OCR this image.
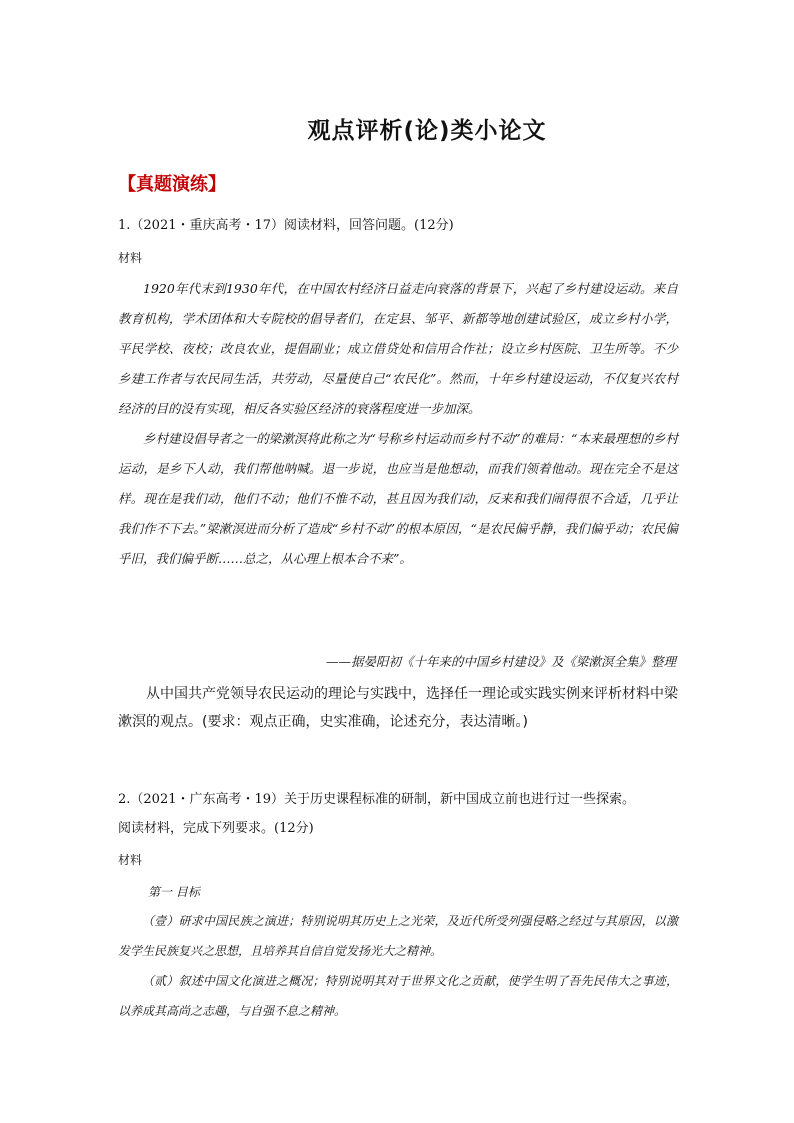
观点评析(论)类小论文
【真题演练】
1.（2021・重庆高考・17）阅读材料，回答问题。(12分)
材料

1920年代末到1930年代，在中国农村经济日益走向衰落的背景下，兴起了乡村建设运动。来自教育机构，学术团体和大专院校的倡导者们，在定县、邹平、新都等地创建试验区，成立乡村小学，平民学校、夜校；改良农业，提倡副业；成立借贷处和信用合作社；设立乡村医院、卫生所等。不少乡建工作者与农民同生活，共劳动，尽量使自己“农民化”。然而，十年乡村建设运动，不仅复兴农村经济的目的没有实现，相反各实验区经济的衰落程度进一步加深。

乡村建设倡导者之一的梁漱溟将此称之为“号称乡村运动而乡村不动”的难局：“本来最理想的乡村运动，是乡下人动，我们帮他呐喊。退一步说，也应当是他想动，而我们领着他动。现在完全不是这样。现在是我们动，他们不动；他们不惟不动，甚且因为我们动，反来和我们闹得很不合适，几乎让我们作不下去。”梁漱溟进而分析了造成“乡村不动”的根本原因，“是农民偏乎静，我们偏乎动；农民偏乎旧，我们偏乎断……总之，从心理上根本合不来”。

——据晏阳初《十年来的中国乡村建设》及《梁漱溟全集》整理
从中国共产党领导农民运动的理论与实践中，选择任一理论或实践实例来评析材料中梁漱溟的观点。(要求：观点正确，史实准确，论述充分，表达清晰。)
2.（2021・广东高考・19）关于历史课程标准的研制，新中国成立前也进行过一些探索。
阅读材料，完成下列要求。(12分)
材料
第一 目标

（壹）研求中国民族之演进；特别说明其历史上之光荣，及近代所受列强侵略之经过与其原因，以激发学生民族复兴之思想，且培养其自信自觉发扬光大之精神。

（贰）叙述中国文化演进之概况；特别说明其对于世界文化之贡献，使学生明了吾先民伟大之事迹，以养成其高尚之志趣，与自强不息之精神。
